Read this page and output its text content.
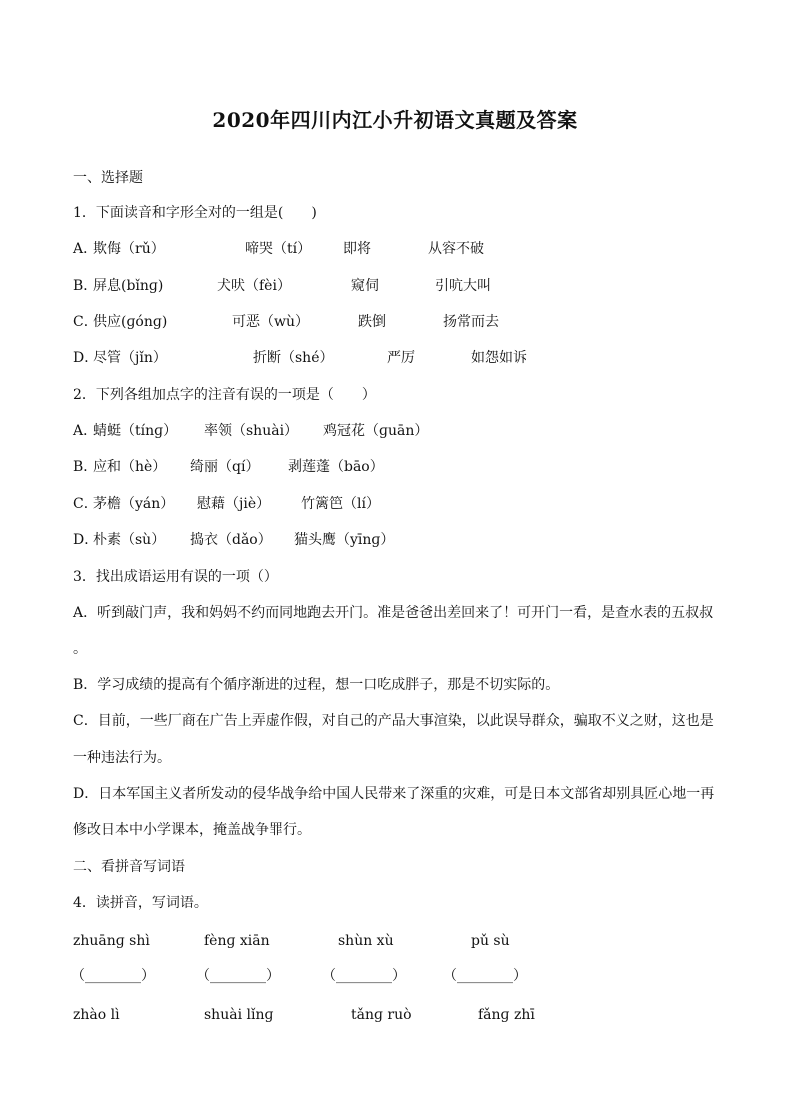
2020年四川内江小升初语文真题及答案
一、选择题
1．下面读音和字形全对的一组是(　　)
A．
欺侮（rǔ）	啼哭（tí） 即将	从容不破
B．
屏息(bǐnɡ)	犬吠（fèi）	窥伺	引吭大叫
C．
供应(ɡónɡ)	可恶（wù）	跌倒	扬常而去
D．
尽管（jǐn）	折断（shé）	严厉	如怨如诉
2．下列各组加点字的注音有误的一项是（　　）
A．
蜻蜓（tínɡ） 率领（shuài） 鸡冠花（ɡuān）
B．
应和（hè） 绮丽（qí） 剥莲蓬（bāo）
C．
茅檐（yán） 慰藉（jiè） 竹篱笆（lí）
D．
朴素（sù） 捣衣（dǎo） 猫头鹰（yīnɡ）
3．找出成语运用有误的一项（）
A．听到敲门声，我和妈妈不约而同地跑去开门。准是爸爸出差回来了！可开门一看，是查水表的五叔叔
。
B．学习成绩的提高有个循序渐进的过程，想一口吃成胖子，那是不切实际的。
C．目前，一些厂商在广告上弄虚作假，对自己的产品大事渲染，以此误导群众，骗取不义之财，这也是
一种违法行为。
D．日本军国主义者所发动的侵华战争给中国人民带来了深重的灾难，可是日本文部省却别具匠心地一再
修改日本中小学课本，掩盖战争罪行。
二、看拼音写词语
4．读拼音，写词语。
zhuānɡ shì	fènɡ xiān	shùn xù	pǔ sù
（________）	（________）	（________）	（________）
zhào lì	shuài lǐnɡ	tǎnɡ ruò	fǎnɡ zhī
